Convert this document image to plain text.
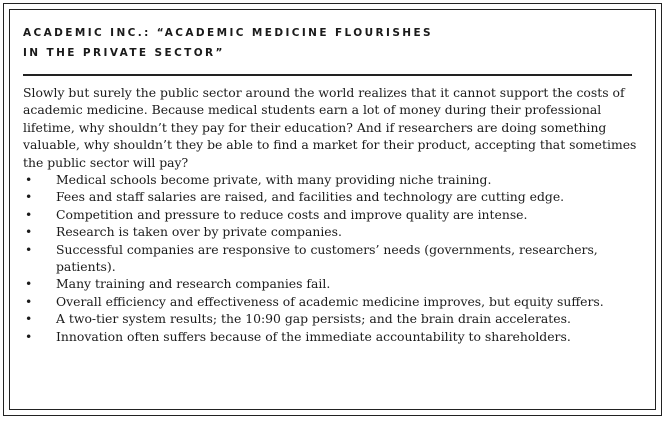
ACADEMIC INC.: “ACADEMIC MEDICINE FLOURISHES
IN THE PRIVATE SECTOR”

Slowly but surely the public sector around the world realizes that it cannot support the costs of
academic medicine. Because medical students earn a lot of money during their professional
lifetime, why shouldn’t they pay for their education? And if researchers are doing something
valuable, why shouldn’t they be able to find a market for their product, accepting that sometimes
the public sector will pay?

• Medical schools become private, with many providing niche training.
• Fees and staff salaries are raised, and facilities and technology are cutting edge.
• Competition and pressure to reduce costs and improve quality are intense.
• Research is taken over by private companies.
• Successful companies are responsive to customers’ needs (governments, researchers,
patients).
• Many training and research companies fail.
• Overall efficiency and effectiveness of academic medicine improves, but equity suffers.
• A two-tier system results; the 10:90 gap persists; and the brain drain accelerates.
• Innovation often suffers because of the immediate accountability to shareholders.
